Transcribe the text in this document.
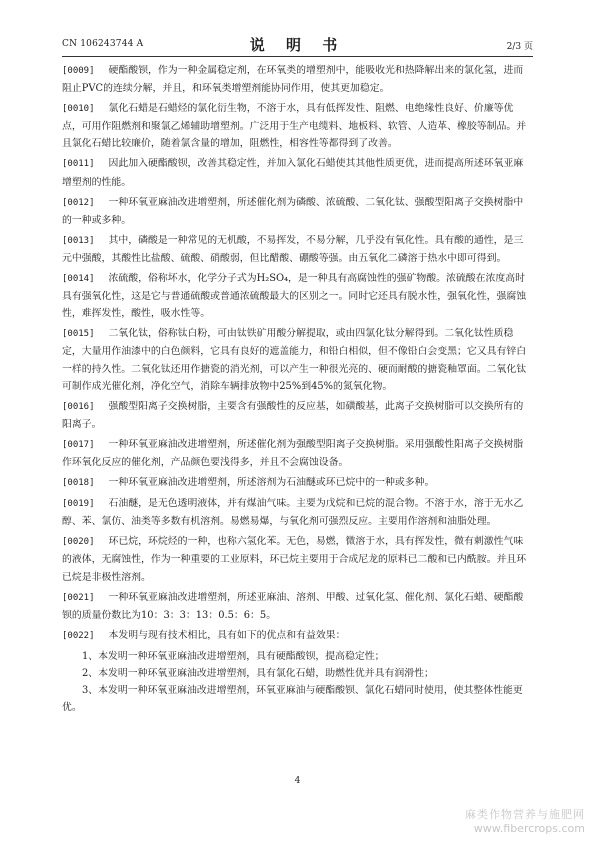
CN 106243744 A	说 明 书	2/3 页

[0009] 硬酯酸钡，作为一种金属稳定剂，在环氧类的增塑剂中，能吸收光和热降解出来的氯化氢，进而阻止PVC的连续分解，并且，和环氧类增塑剂能协同作用，使其更加稳定。

[0010] 氯化石蜡是石蜡烃的氯化衍生物，不溶于水，具有低挥发性、阻燃、电绝缘性良好、价廉等优点，可用作阻燃剂和聚氯乙烯辅助增塑剂。广泛用于生产电缆料、地板料、软管、人造革、橡胶等制品。并且氯化石蜡比较廉价，随着氯含量的增加，阻燃性，相容性等都得到了改善。

[0011] 因此加入硬酯酸钡，改善其稳定性，并加入氯化石蜡使其其他性质更优，进而提高所述环氧亚麻增塑剂的性能。

[0012] 一种环氧亚麻油改进增塑剂，所述催化剂为磷酸、浓硫酸、二氧化钛、强酸型阳离子交换树脂中的一种或多种。

[0013] 其中，磷酸是一种常见的无机酸，不易挥发，不易分解，几乎没有氧化性。具有酸的通性，是三元中强酸，其酸性比盐酸、硫酸、硝酸弱，但比醋酸、硼酸等强。由五氧化二磷溶于热水中即可得到。

[0014] 浓硫酸，俗称坏水，化学分子式为H₂SO₄，是一种具有高腐蚀性的强矿物酸。浓硫酸在浓度高时具有强氧化性，这是它与普通硫酸或普通浓硫酸最大的区别之一。同时它还具有脱水性，强氧化性，强腐蚀性，难挥发性，酸性，吸水性等。

[0015] 二氧化钛，俗称钛白粉，可由钛铁矿用酸分解提取，或由四氯化钛分解得到。二氧化钛性质稳定，大量用作油漆中的白色颜料，它具有良好的遮盖能力，和铅白相似，但不像铅白会变黑；它又具有锌白一样的持久性。二氧化钛还用作搪瓷的消光剂，可以产生一种很光亮的、硬而耐酸的搪瓷釉罩面。二氧化钛可制作成光催化剂，净化空气，消除车辆排放物中25%到45%的氮氧化物。

[0016] 强酸型阳离子交换树脂，主要含有强酸性的反应基，如磺酸基，此离子交换树脂可以交换所有的阳离子。

[0017] 一种环氧亚麻油改进增塑剂，所述催化剂为强酸型阳离子交换树脂。采用强酸性阳离子交换树脂作环氧化反应的催化剂，产品颜色要浅得多，并且不会腐蚀设备。

[0018] 一种环氧亚麻油改进增塑剂，所述溶剂为石油醚或环已烷中的一种或多种。

[0019] 石油醚，是无色透明液体，并有煤油气味。主要为戊烷和已烷的混合物。不溶于水，溶于无水乙醇、苯、氯仿、油类等多数有机溶剂。易燃易爆，与氧化剂可强烈反应。主要用作溶剂和油脂处理。

[0020] 环已烷，环烷烃的一种，也称六氢化苯。无色，易燃，微溶于水，具有挥发性，微有刺激性气味的液体，无腐蚀性，作为一种重要的工业原料，环已烷主要用于合成尼龙的原料已二酸和已内酰胺。并且环已烷是非极性溶剂。

[0021] 一种环氧亚麻油改进增塑剂，所述亚麻油、溶剂、甲酸、过氧化氢、催化剂、氯化石蜡、硬酯酸钡的质量份数比为10：3：3：13：0.5：6：5。

[0022] 本发明与现有技术相比，具有如下的优点和有益效果：

1、本发明一种环氧亚麻油改进增塑剂，具有硬酯酸钡，提高稳定性；

2、本发明一种环氧亚麻油改进增塑剂，具有氯化石蜡，助燃性优并具有润滑性；

3、本发明一种环氧亚麻油改进增塑剂，环氧亚麻油与硬酯酸钡、氯化石蜡同时使用，使其整体性能更优。

4
麻类作物营养与施肥网
www.fibercrops.com
